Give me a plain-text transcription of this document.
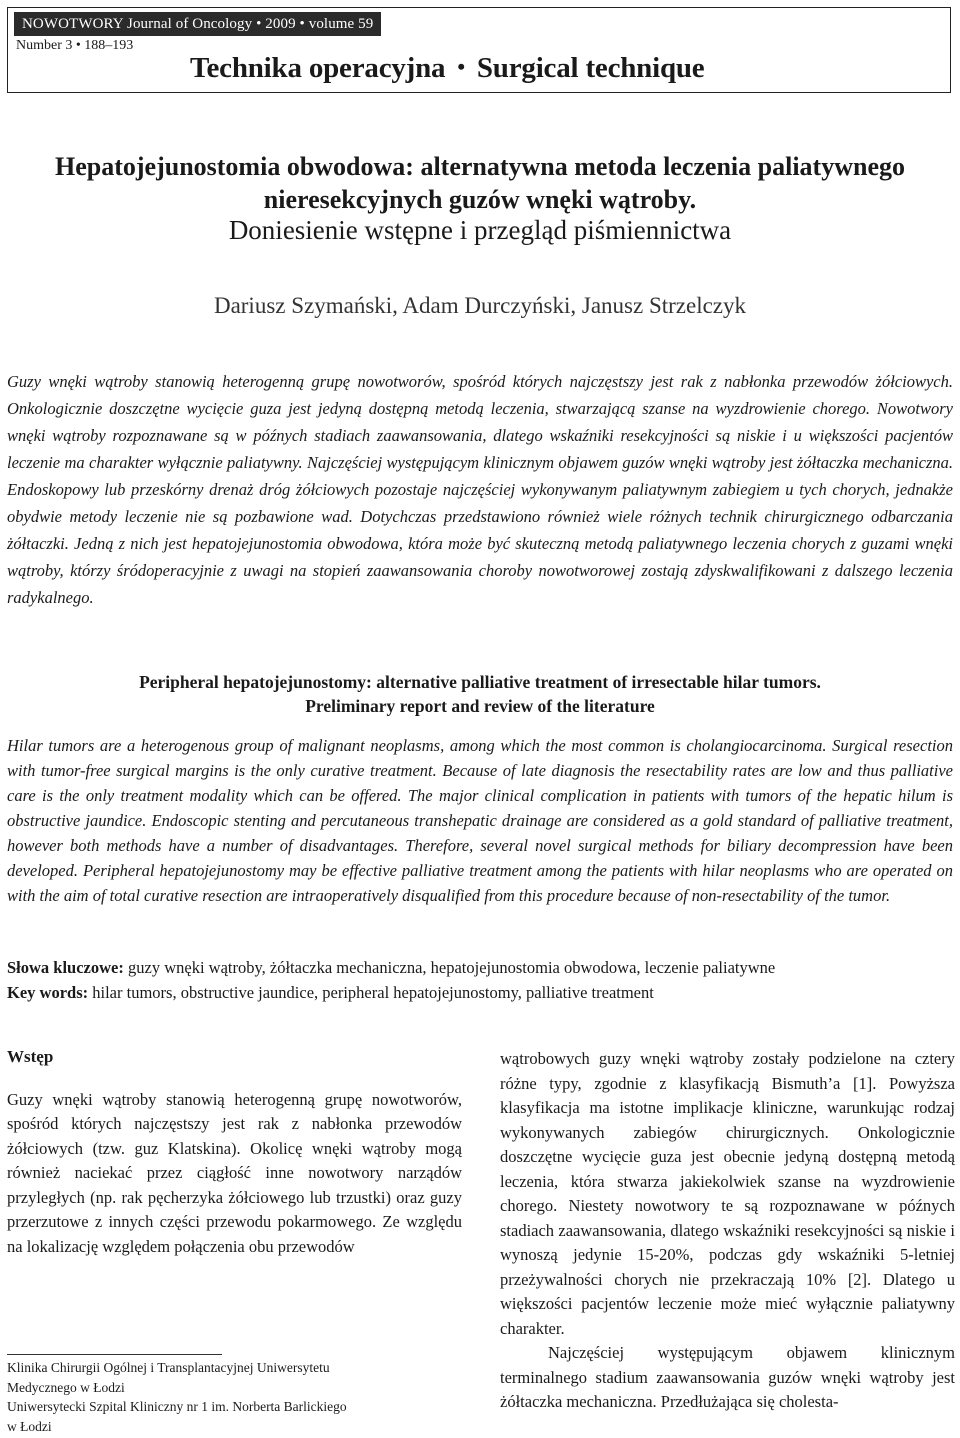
NOWOTWORY Journal of Oncology • 2009 • volume 59
Number 3 • 188–193
Technika operacyjna • Surgical technique
Hepatojejunostomia obwodowa: alternatywna metoda leczenia paliatywnego
nieresekcyjnych guzów wnęki wątroby.
Doniesienie wstępne i przegląd piśmiennictwa
Dariusz Szymański, Adam Durczyński, Janusz Strzelczyk
Guzy wnęki wątroby stanowią heterogenną grupę nowotworów, spośród których najczęstszy jest rak z nabłonka przewodów żółciowych. Onkologicznie doszczętne wycięcie guza jest jedyną dostępną metodą leczenia, stwarzającą szanse na wyzdrowienie chorego. Nowotwory wnęki wątroby rozpoznawane są w późnych stadiach zaawansowania, dlatego wskaźniki resekcyjności są niskie i u większości pacjentów leczenie ma charakter wyłącznie paliatywny. Najczęściej występującym klinicznym objawem guzów wnęki wątroby jest żółtaczka mechaniczna. Endoskopowy lub przeskórny drenaż dróg żółciowych pozostaje najczęściej wykonywanym paliatywnym zabiegiem u tych chorych, jednakże obydwie metody leczenie nie są pozbawione wad. Dotychczas przedstawiono również wiele różnych technik chirurgicznego odbarczania żółtaczki. Jedną z nich jest hepatojejunostomia obwodowa, która może być skuteczną metodą paliatywnego leczenia chorych z guzami wnęki wątroby, którzy śródoperacyjnie z uwagi na stopień zaawansowania choroby nowotworowej zostają zdyskwalifikowani z dalszego leczenia radykalnego.
Peripheral hepatojejunostomy: alternative palliative treatment of irresectable hilar tumors.
Preliminary report and review of the literature
Hilar tumors are a heterogenous group of malignant neoplasms, among which the most common is cholangiocarcinoma. Surgical resection with tumor-free surgical margins is the only curative treatment. Because of late diagnosis the resectability rates are low and thus palliative care is the only treatment modality which can be offered. The major clinical complication in patients with tumors of the hepatic hilum is obstructive jaundice. Endoscopic stenting and percutaneous transhepatic drainage are considered as a gold standard of palliative treatment, however both methods have a number of disadvantages. Therefore, several novel surgical methods for biliary decompression have been developed. Peripheral hepatojejunostomy may be effective palliative treatment among the patients with hilar neoplasms who are operated on with the aim of total curative resection are intraoperatively disqualified from this procedure because of non-resectability of the tumor.
Słowa kluczowe: guzy wnęki wątroby, żółtaczka mechaniczna, hepatojejunostomia obwodowa, leczenie paliatywne
Key words: hilar tumors, obstructive jaundice, peripheral hepatojejunostomy, palliative treatment
Wstęp

Guzy wnęki wątroby stanowią heterogenną grupę nowotworów, spośród których najczęstszy jest rak z nabłonka przewodów żółciowych (tzw. guz Klatskina). Okolicę wnęki wątroby mogą również naciekać przez ciągłość inne nowotwory narządów przyległych (np. rak pęcherzyka żółciowego lub trzustki) oraz guzy przerzutowe z innych części przewodu pokarmowego. Ze względu na lokalizację względem połączenia obu przewodów

wątrobowych guzy wnęki wątroby zostały podzielone na cztery różne typy, zgodnie z klasyfikacją Bismuth’a [1]. Powyższa klasyfikacja ma istotne implikacje kliniczne, warunkując rodzaj wykonywanych zabiegów chirurgicznych. Onkologicznie doszczętne wycięcie guza jest obecnie jedyną dostępną metodą leczenia, która stwarza jakiekolwiek szanse na wyzdrowienie chorego. Niestety nowotwory te są rozpoznawane w późnych stadiach zaawansowania, dlatego wskaźniki resekcyjności są niskie i wynoszą jedynie 15-20%, podczas gdy wskaźniki 5-letniej przeżywalności chorych nie przekraczają 10% [2]. Dlatego u większości pacjentów leczenie może mieć wyłącznie paliatywny charakter.

Najczęściej występującym objawem klinicznym terminalnego stadium zaawansowania guzów wnęki wątroby jest żółtaczka mechaniczna. Przedłużająca się cholesta-

Klinika Chirurgii Ogólnej i Transplantacyjnej Uniwersytetu
Medycznego w Łodzi
Uniwersytecki Szpital Kliniczny nr 1 im. Norberta Barlickiego
w Łodzi
